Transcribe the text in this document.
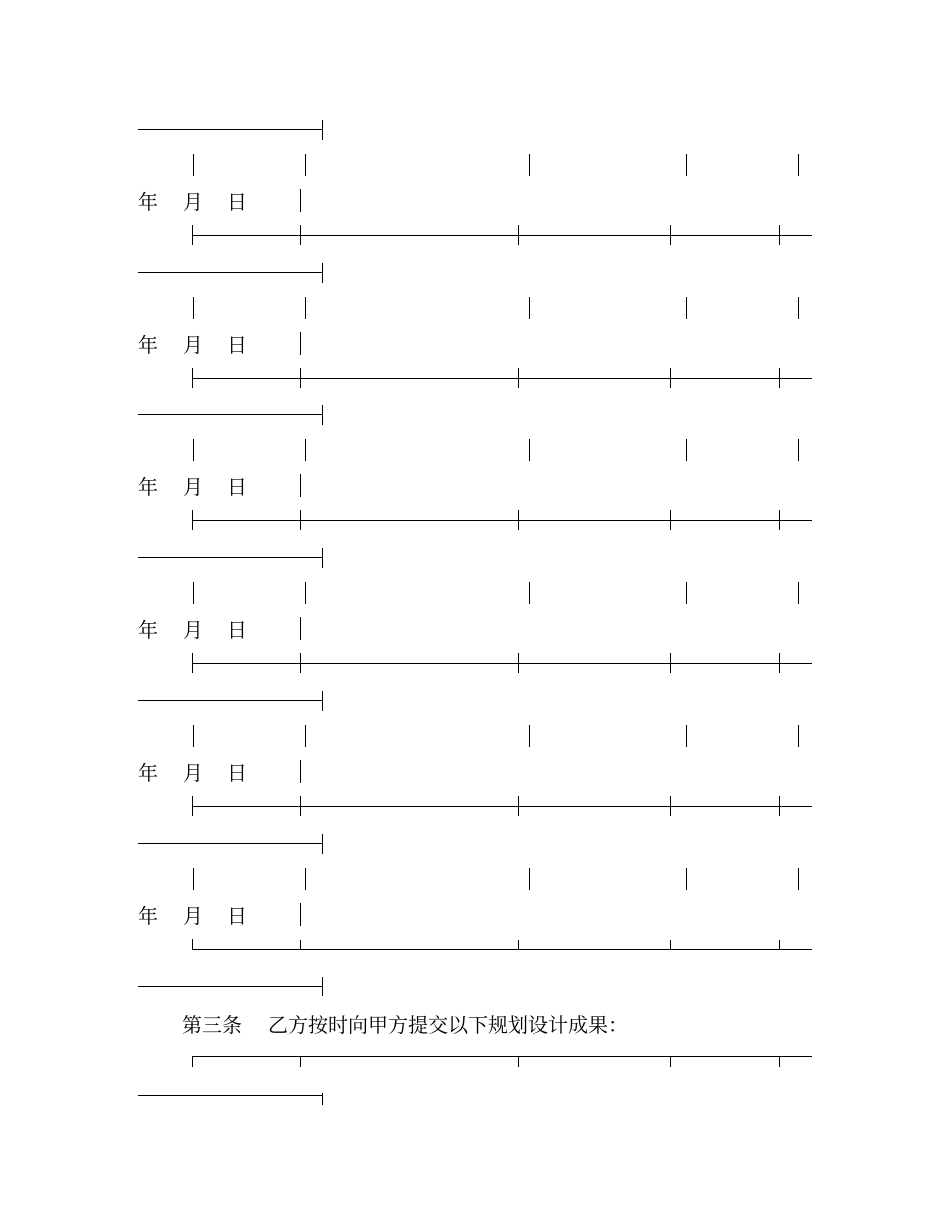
年 月 日
年 月 日
年 月 日
年 月 日
年 月 日
年 月 日
第三条 乙方按时向甲方提交以下规划设计成果：
